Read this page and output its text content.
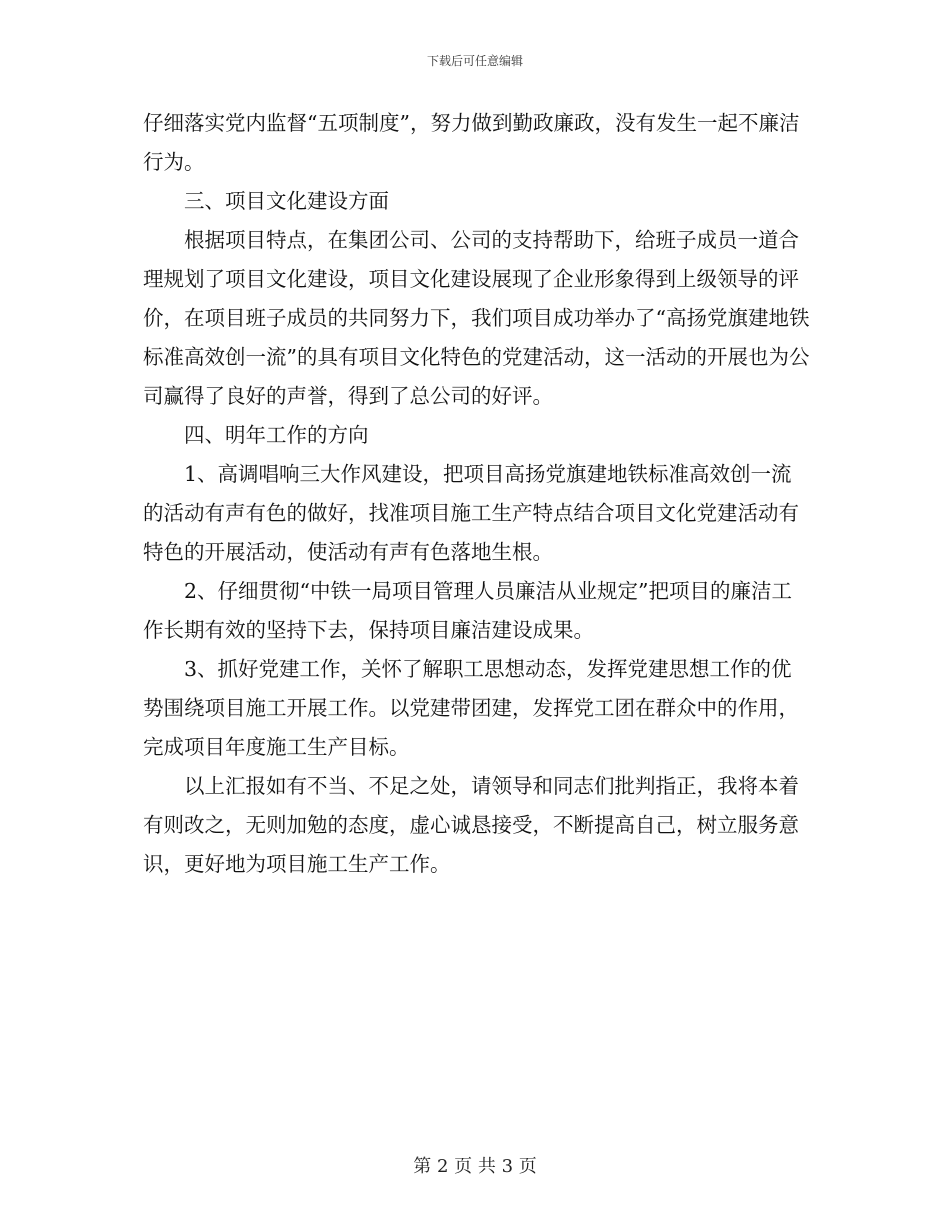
下载后可任意编辑

仔细落实党内监督“五项制度”，努力做到勤政廉政，没有发生一起不廉洁行为。

三、项目文化建设方面

根据项目特点，在集团公司、公司的支持帮助下，给班子成员一道合理规划了项目文化建设，项目文化建设展现了企业形象得到上级领导的评价，在项目班子成员的共同努力下，我们项目成功举办了“高扬党旗建地铁标准高效创一流”的具有项目文化特色的党建活动，这一活动的开展也为公司赢得了良好的声誉，得到了总公司的好评。

四、明年工作的方向

1、高调唱响三大作风建设，把项目高扬党旗建地铁标准高效创一流的活动有声有色的做好，找准项目施工生产特点结合项目文化党建活动有特色的开展活动，使活动有声有色落地生根。

2、仔细贯彻“中铁一局项目管理人员廉洁从业规定”把项目的廉洁工作长期有效的坚持下去，保持项目廉洁建设成果。

3、抓好党建工作，关怀了解职工思想动态，发挥党建思想工作的优势围绕项目施工开展工作。以党建带团建，发挥党工团在群众中的作用，完成项目年度施工生产目标。

以上汇报如有不当、不足之处，请领导和同志们批判指正，我将本着有则改之，无则加勉的态度，虚心诚恳接受，不断提高自己，树立服务意识，更好地为项目施工生产工作。

第 2 页 共 3 页
